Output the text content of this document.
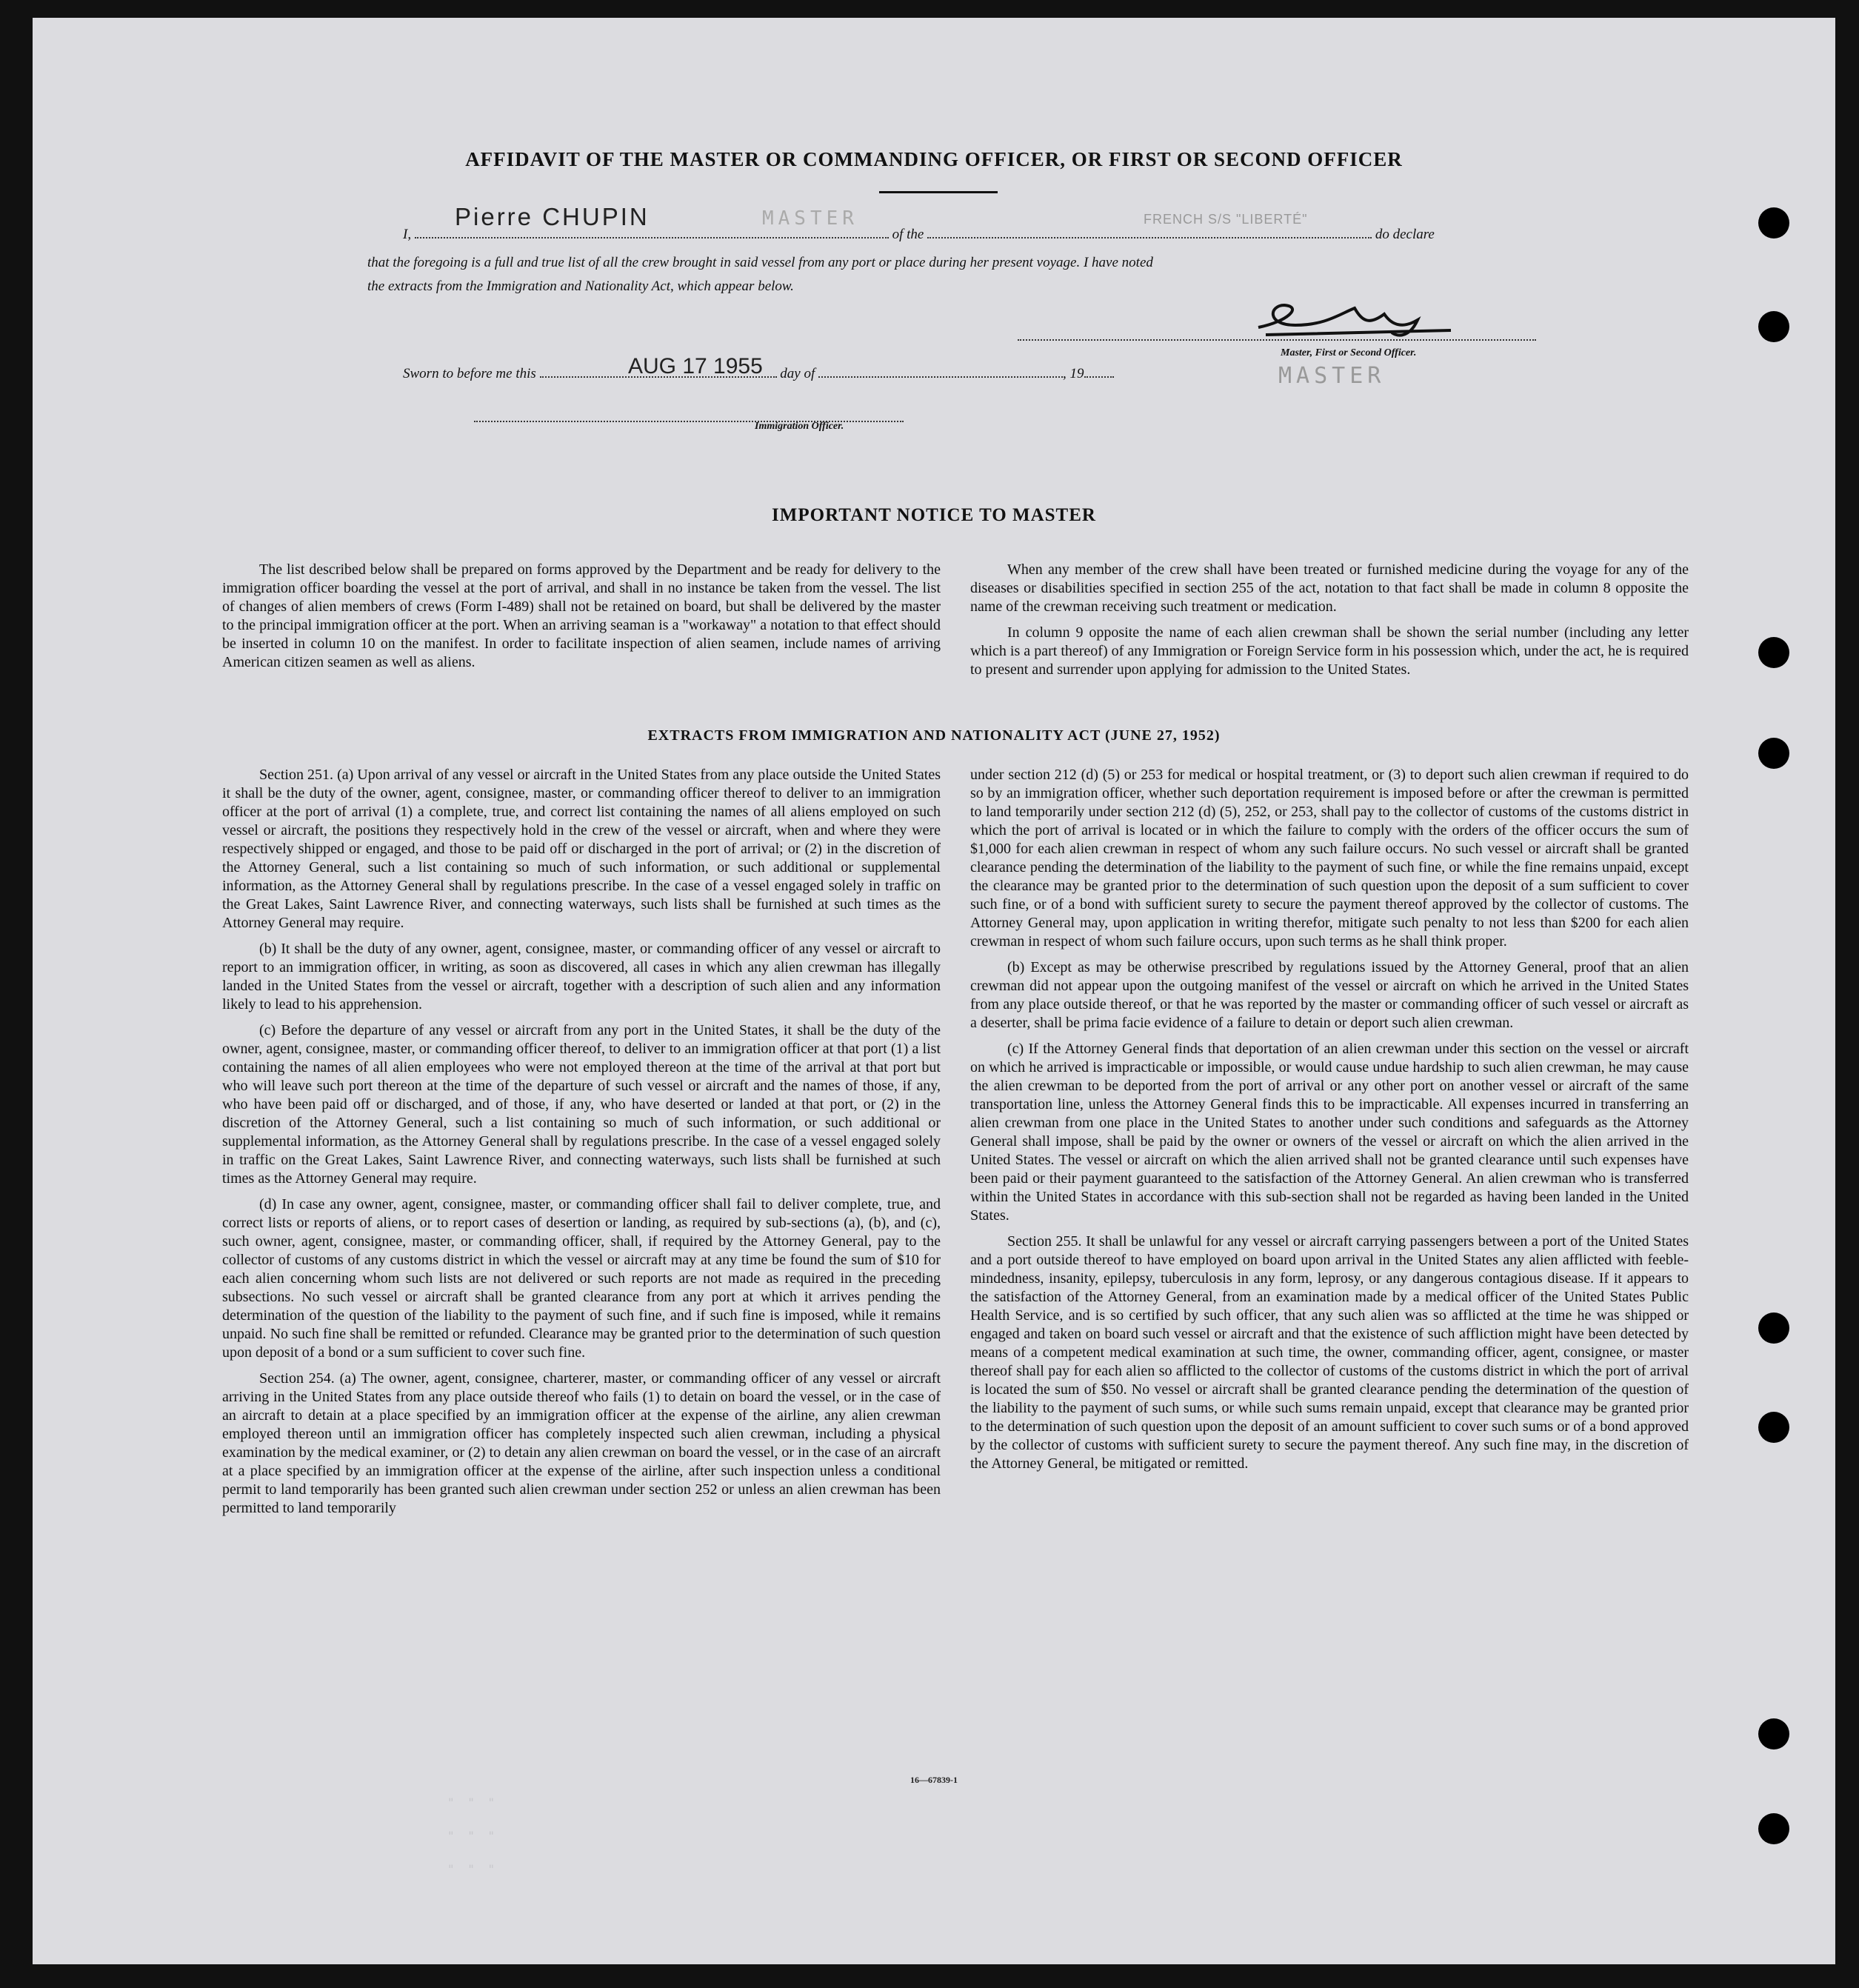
AFFIDAVIT OF THE MASTER OR COMMANDING OFFICER, OR FIRST OR SECOND OFFICER
I,	of the	do declare
Pierre CHUPIN	MASTER	FRENCH S/S "LIBERTÉ"
that the foregoing is a full and true list of all the crew brought in said vessel from any port or place during her present voyage. I have noted
the extracts from the Immigration and Nationality Act, which appear below.
Master, First or Second Officer.
MASTER
Sworn to before me this	day of	, 19
AUG 17 1955
Immigration Officer.
IMPORTANT NOTICE TO MASTER

The list described below shall be prepared on forms approved by the Department and be ready for delivery to the immigration officer boarding the vessel at the port of arrival, and shall in no instance be taken from the vessel. The list of changes of alien members of crews (Form I-489) shall not be retained on board, but shall be delivered by the master to the principal immigration officer at the port. When an arriving seaman is a "workaway" a notation to that effect should be inserted in column 10 on the manifest. In order to facilitate inspection of alien seamen, include names of arriving American citizen seamen as well as aliens.

When any member of the crew shall have been treated or furnished medicine during the voyage for any of the diseases or disabilities specified in section 255 of the act, notation to that fact shall be made in column 8 opposite the name of the crewman receiving such treatment or medication.

In column 9 opposite the name of each alien crewman shall be shown the serial number (including any letter which is a part thereof) of any Immigration or Foreign Service form in his possession which, under the act, he is required to present and surrender upon applying for admission to the United States.

EXTRACTS FROM IMMIGRATION AND NATIONALITY ACT (JUNE 27, 1952)

Section 251. (a) Upon arrival of any vessel or aircraft in the United States from any place outside the United States it shall be the duty of the owner, agent, consignee, master, or commanding officer thereof to deliver to an immigration officer at the port of arrival (1) a complete, true, and correct list containing the names of all aliens employed on such vessel or aircraft, the positions they respectively hold in the crew of the vessel or aircraft, when and where they were respectively shipped or engaged, and those to be paid off or discharged in the port of arrival; or (2) in the discretion of the Attorney General, such a list containing so much of such information, or such additional or supplemental information, as the Attorney General shall by regulations prescribe. In the case of a vessel engaged solely in traffic on the Great Lakes, Saint Lawrence River, and connecting waterways, such lists shall be furnished at such times as the Attorney General may require.

(b) It shall be the duty of any owner, agent, consignee, master, or commanding officer of any vessel or aircraft to report to an immigration officer, in writing, as soon as discovered, all cases in which any alien crewman has illegally landed in the United States from the vessel or aircraft, together with a description of such alien and any information likely to lead to his apprehension.

(c) Before the departure of any vessel or aircraft from any port in the United States, it shall be the duty of the owner, agent, consignee, master, or commanding officer thereof, to deliver to an immigration officer at that port (1) a list containing the names of all alien employees who were not employed thereon at the time of the arrival at that port but who will leave such port thereon at the time of the departure of such vessel or aircraft and the names of those, if any, who have been paid off or discharged, and of those, if any, who have deserted or landed at that port, or (2) in the discretion of the Attorney General, such a list containing so much of such information, or such additional or supplemental information, as the Attorney General shall by regulations prescribe. In the case of a vessel engaged solely in traffic on the Great Lakes, Saint Lawrence River, and connecting waterways, such lists shall be furnished at such times as the Attorney General may require.

(d) In case any owner, agent, consignee, master, or commanding officer shall fail to deliver complete, true, and correct lists or reports of aliens, or to report cases of desertion or landing, as required by sub-sections (a), (b), and (c), such owner, agent, consignee, master, or commanding officer, shall, if required by the Attorney General, pay to the collector of customs of any customs district in which the vessel or aircraft may at any time be found the sum of $10 for each alien concerning whom such lists are not delivered or such reports are not made as required in the preceding subsections. No such vessel or aircraft shall be granted clearance from any port at which it arrives pending the determination of the question of the liability to the payment of such fine, and if such fine is imposed, while it remains unpaid. No such fine shall be remitted or refunded. Clearance may be granted prior to the determination of such question upon deposit of a bond or a sum sufficient to cover such fine.

Section 254. (a) The owner, agent, consignee, charterer, master, or commanding officer of any vessel or aircraft arriving in the United States from any place outside thereof who fails (1) to detain on board the vessel, or in the case of an aircraft to detain at a place specified by an immigration officer at the expense of the airline, any alien crewman employed thereon until an immigration officer has completely inspected such alien crewman, including a physical examination by the medical examiner, or (2) to detain any alien crewman on board the vessel, or in the case of an aircraft at a place specified by an immigration officer at the expense of the airline, after such inspection unless a conditional permit to land temporarily has been granted such alien crewman under section 252 or unless an alien crewman has been permitted to land temporarily

under section 212 (d) (5) or 253 for medical or hospital treatment, or (3) to deport such alien crewman if required to do so by an immigration officer, whether such deportation requirement is imposed before or after the crewman is permitted to land temporarily under section 212 (d) (5), 252, or 253, shall pay to the collector of customs of the customs district in which the port of arrival is located or in which the failure to comply with the orders of the officer occurs the sum of $1,000 for each alien crewman in respect of whom any such failure occurs. No such vessel or aircraft shall be granted clearance pending the determination of the liability to the payment of such fine, or while the fine remains unpaid, except the clearance may be granted prior to the determination of such question upon the deposit of a sum sufficient to cover such fine, or of a bond with sufficient surety to secure the payment thereof approved by the collector of customs. The Attorney General may, upon application in writing therefor, mitigate such penalty to not less than $200 for each alien crewman in respect of whom such failure occurs, upon such terms as he shall think proper.

(b) Except as may be otherwise prescribed by regulations issued by the Attorney General, proof that an alien crewman did not appear upon the outgoing manifest of the vessel or aircraft on which he arrived in the United States from any place outside thereof, or that he was reported by the master or commanding officer of such vessel or aircraft as a deserter, shall be prima facie evidence of a failure to detain or deport such alien crewman.

(c) If the Attorney General finds that deportation of an alien crewman under this section on the vessel or aircraft on which he arrived is impracticable or impossible, or would cause undue hardship to such alien crewman, he may cause the alien crewman to be deported from the port of arrival or any other port on another vessel or aircraft of the same transportation line, unless the Attorney General finds this to be impracticable. All expenses incurred in transferring an alien crewman from one place in the United States to another under such conditions and safeguards as the Attorney General shall impose, shall be paid by the owner or owners of the vessel or aircraft on which the alien arrived in the United States. The vessel or aircraft on which the alien arrived shall not be granted clearance until such expenses have been paid or their payment guaranteed to the satisfaction of the Attorney General. An alien crewman who is transferred within the United States in accordance with this sub-section shall not be regarded as having been landed in the United States.

Section 255. It shall be unlawful for any vessel or aircraft carrying passengers between a port of the United States and a port outside thereof to have employed on board upon arrival in the United States any alien afflicted with feeble-mindedness, insanity, epilepsy, tuberculosis in any form, leprosy, or any dangerous contagious disease. If it appears to the satisfaction of the Attorney General, from an examination made by a medical officer of the United States Public Health Service, and is so certified by such officer, that any such alien was so afflicted at the time he was shipped or engaged and taken on board such vessel or aircraft and that the existence of such affliction might have been detected by means of a competent medical examination at such time, the owner, commanding officer, agent, consignee, or master thereof shall pay for each alien so afflicted to the collector of customs of the customs district in which the port of arrival is located the sum of $50. No vessel or aircraft shall be granted clearance pending the determination of the question of the liability to the payment of such sums, or while such sums remain unpaid, except that clearance may be granted prior to the determination of such question upon the deposit of an amount sufficient to cover such sums or of a bond approved by the collector of customs with sufficient surety to secure the payment thereof. Any such fine may, in the discretion of the Attorney General, be mitigated or remitted.

16—67839-1
" " "
" " "
" " "
